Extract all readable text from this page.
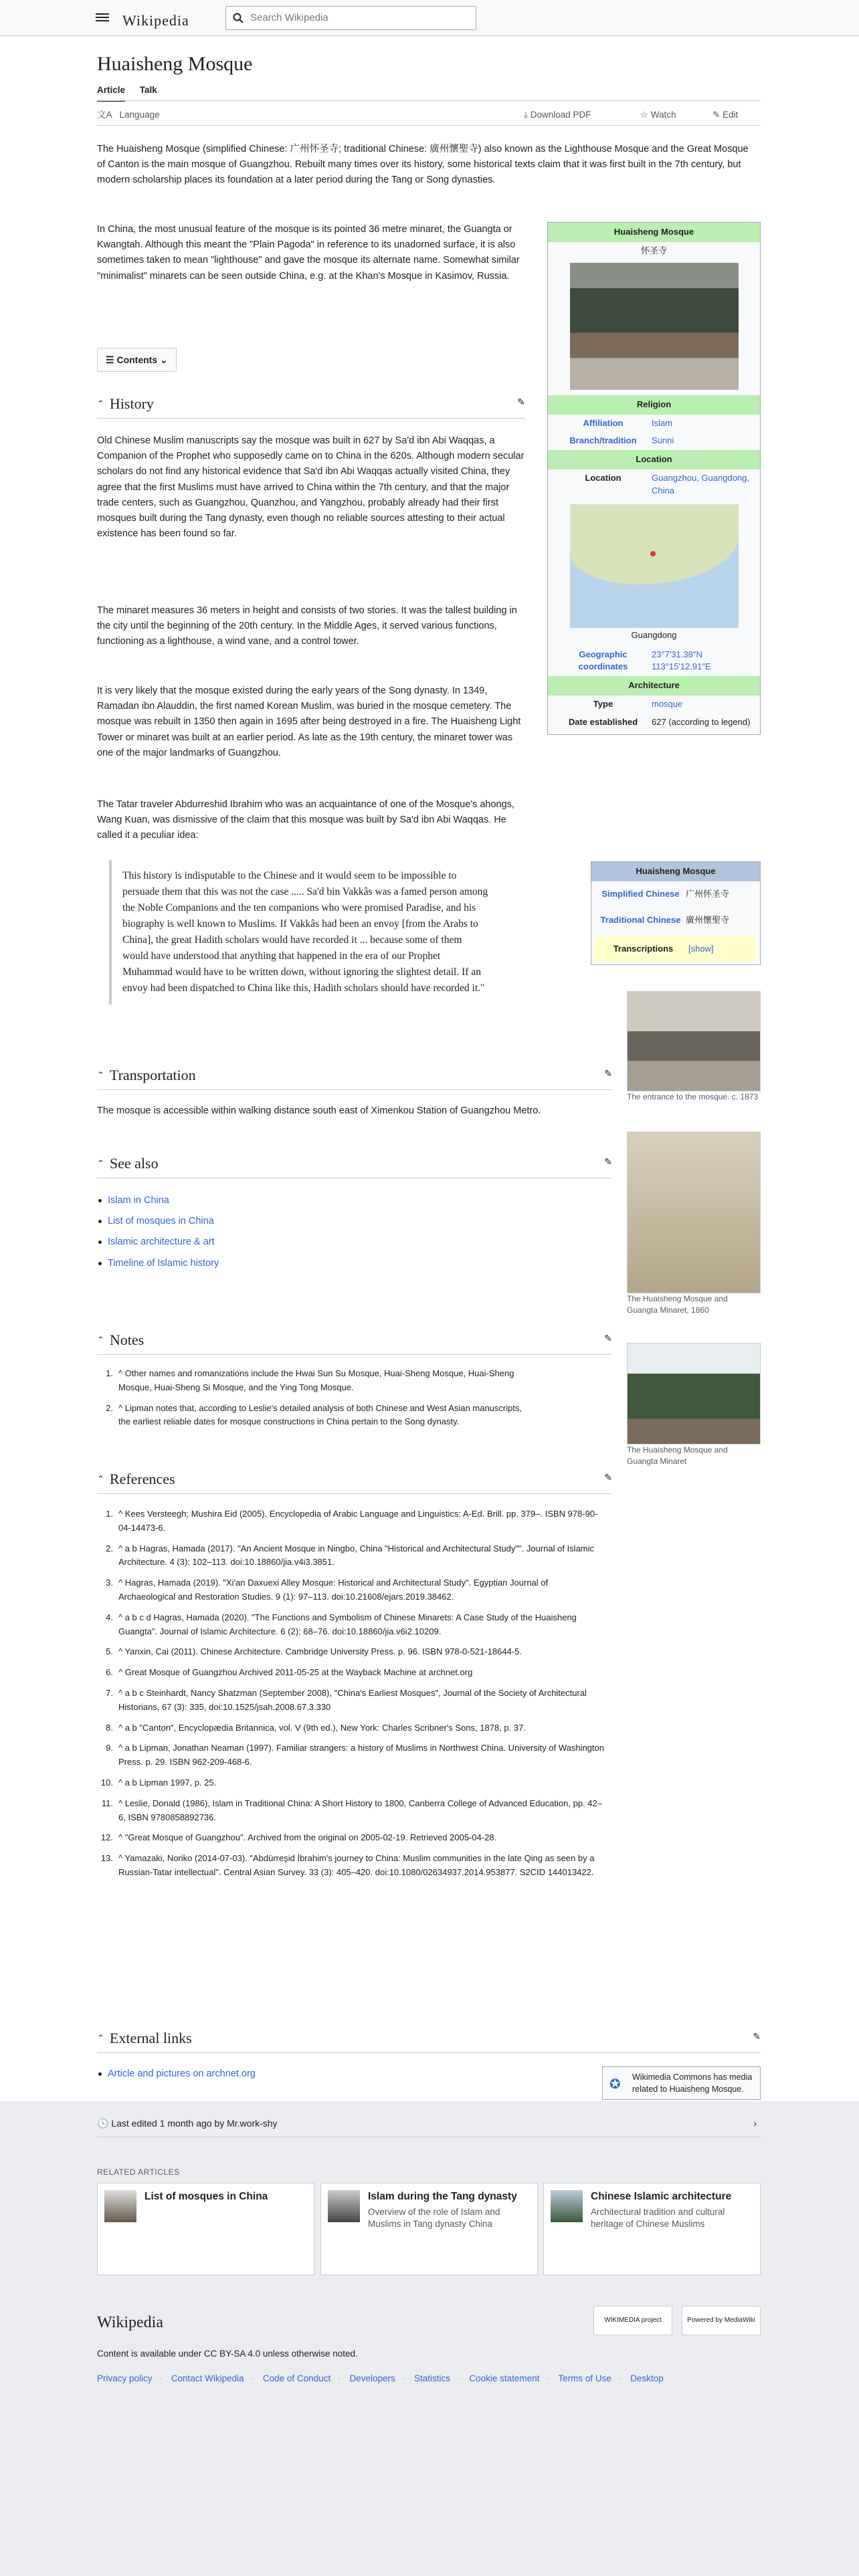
Wikipedia	Search Wikipedia
Huaisheng Mosque
Article Talk
文A Language	⤓ Download PDF	☆ Watch	✎ Edit

The Huaisheng Mosque (simplified Chinese: 广州怀圣寺; traditional Chinese: 廣州懷聖寺) also known as the Lighthouse Mosque and the Great Mosque of Canton is the main mosque of Guangzhou. Rebuilt many times over its history, some historical texts claim that it was first built in the 7th century, but modern scholarship places its foundation at a later period during the Tang or Song dynasties.

In China, the most unusual feature of the mosque is its pointed 36 metre minaret, the Guangta or Kwangtah. Although this meant the "Plain Pagoda" in reference to its unadorned surface, it is also sometimes taken to mean "lighthouse" and gave the mosque its alternate name. Somewhat similar "minimalist" minarets can be seen outside China, e.g. at the Khan's Mosque in Kasimov, Russia.

☰ Contents ⌄
Huaisheng Mosque
怀圣寺
Religion
Affiliation	Islam
Branch/tradition	Sunni
Location
Location	Guangzhou, Guangdong, China
Guangdong
Geographic coordinates
23°7′31.38″N 113°15′12.91″E
Architecture
Type	mosque
Date established	627 (according to legend)
⌃ History	✎

Old Chinese Muslim manuscripts say the mosque was built in 627 by Sa'd ibn Abi Waqqas, a Companion of the Prophet who supposedly came on to China in the 620s. Although modern secular scholars do not find any historical evidence that Sa'd ibn Abi Waqqas actually visited China, they agree that the first Muslims must have arrived to China within the 7th century, and that the major trade centers, such as Guangzhou, Quanzhou, and Yangzhou, probably already had their first mosques built during the Tang dynasty, even though no reliable sources attesting to their actual existence has been found so far.

The minaret measures 36 meters in height and consists of two stories. It was the tallest building in the city until the beginning of the 20th century. In the Middle Ages, it served various functions, functioning as a lighthouse, a wind vane, and a control tower.

It is very likely that the mosque existed during the early years of the Song dynasty. In 1349, Ramadan ibn Alauddin, the first named Korean Muslim, was buried in the mosque cemetery. The mosque was rebuilt in 1350 then again in 1695 after being destroyed in a fire. The Huaisheng Light Tower or minaret was built at an earlier period. As late as the 19th century, the minaret tower was one of the major landmarks of Guangzhou.

The Tatar traveler Abdurreshid Ibrahim who was an acquaintance of one of the Mosque's ahongs, Wang Kuan, was dismissive of the claim that this mosque was built by Sa'd ibn Abi Waqqas. He called it a peculiar idea:

This history is indisputable to the Chinese and it would seem to be impossible to persuade them that this was not the case ..... Sa'd bin Vakkâs was a famed person among the Noble Companions and the ten companions who were promised Paradise, and his biography is well known to Muslims. If Vakkâs had been an envoy [from the Arabs to China], the great Hadith scholars would have recorded it ... because some of them would have understood that anything that happened in the era of our Prophet Muhammad would have to be written down, without ignoring the slightest detail. If an envoy had been dispatched to China like this, Hadith scholars should have recorded it."
Huaisheng Mosque
Simplified Chinese 广州怀圣寺
Traditional Chinese 廣州懷聖寺
Transcriptions	[show]
The entrance to the mosque. c. 1873
The Huaisheng Mosque and Guangta Minaret, 1860
The Huaisheng Mosque and Guangta Minaret
⌃ Transportation	✎

The mosque is accessible within walking distance south east of Ximenkou Station of Guangzhou Metro.

⌃ See also	✎
Islam in China
List of mosques in China
Islamic architecture & art
Timeline of Islamic history
⌃ Notes	✎
1. ^ Other names and romanizations include the Hwai Sun Su Mosque, Huai-Sheng Mosque, Huai-Sheng Mosque, Huai-Sheng Si Mosque, and the Ying Tong Mosque.
2. ^ Lipman notes that, according to Leslie's detailed analysis of both Chinese and West Asian manuscripts, the earliest reliable dates for mosque constructions in China pertain to the Song dynasty.
⌃ References	✎
1. ^ Kees Versteegh; Mushira Eid (2005). Encyclopedia of Arabic Language and Linguistics: A-Ed. Brill. pp. 379–. ISBN 978-90-04-14473-6.
2. ^ a b Hagras, Hamada (2017). "An Ancient Mosque in Ningbo, China "Historical and Architectural Study"". Journal of Islamic Architecture. 4 (3): 102–113. doi:10.18860/jia.v4i3.3851.
3. ^ Hagras, Hamada (2019). "Xi'an Daxuexi Alley Mosque: Historical and Architectural Study". Egyptian Journal of Archaeological and Restoration Studies. 9 (1): 97–113. doi:10.21608/ejars.2019.38462.
4. ^ a b c d Hagras, Hamada (2020). "The Functions and Symbolism of Chinese Minarets: A Case Study of the Huaisheng Guangta". Journal of Islamic Architecture. 6 (2): 68–76. doi:10.18860/jia.v6i2.10209.
5. ^ Yanxin, Cai (2011). Chinese Architecture. Cambridge University Press. p. 96. ISBN 978-0-521-18644-5.
6. ^ Great Mosque of Guangzhou Archived 2011-05-25 at the Wayback Machine at archnet.org
7. ^ a b c Steinhardt, Nancy Shatzman (September 2008), "China's Earliest Mosques", Journal of the Society of Architectural Historians, 67 (3): 335, doi:10.1525/jsah.2008.67.3.330
8. ^ a b "Canton", Encyclopædia Britannica, vol. V (9th ed.), New York: Charles Scribner's Sons, 1878, p. 37.
9. ^ a b Lipman, Jonathan Neaman (1997). Familiar strangers: a history of Muslims in Northwest China. University of Washington Press. p. 29. ISBN 962-209-468-6.
10. ^ a b Lipman 1997, p. 25.
11. ^ Leslie, Donald (1986), Islam in Traditional China: A Short History to 1800, Canberra College of Advanced Education, pp. 42–6, ISBN 9780858892736.
12. ^ "Great Mosque of Guangzhou". Archived from the original on 2005-02-19. Retrieved 2005-04-28.
13. ^ Yamazaki, Noriko (2014-07-03). "Abdürreşid İbrahim's journey to China: Muslim communities in the late Qing as seen by a Russian-Tatar intellectual". Central Asian Survey. 33 (3): 405–420. doi:10.1080/02634937.2014.953877. S2CID 144013422.
⌃ External links	✎
Article and pictures on archnet.org
✪ Wikimedia Commons has media related to Huaisheng Mosque.
🕓 Last edited 1 month ago by Mr.work-shy	›
RELATED ARTICLES
List of mosques in China	Islam during the Tang dynasty
Overview of the role of Islam and Muslims in Tang dynasty China
Chinese Islamic architecture
Architectural tradition and cultural heritage of Chinese Muslims
Wikipedia	WIKIMEDIA project	Powered by MediaWiki
Content is available under CC BY-SA 4.0 unless otherwise noted.
Privacy policy · Contact Wikipedia · Code of Conduct · Developers · Statistics · Cookie statement · Terms of Use · Desktop
